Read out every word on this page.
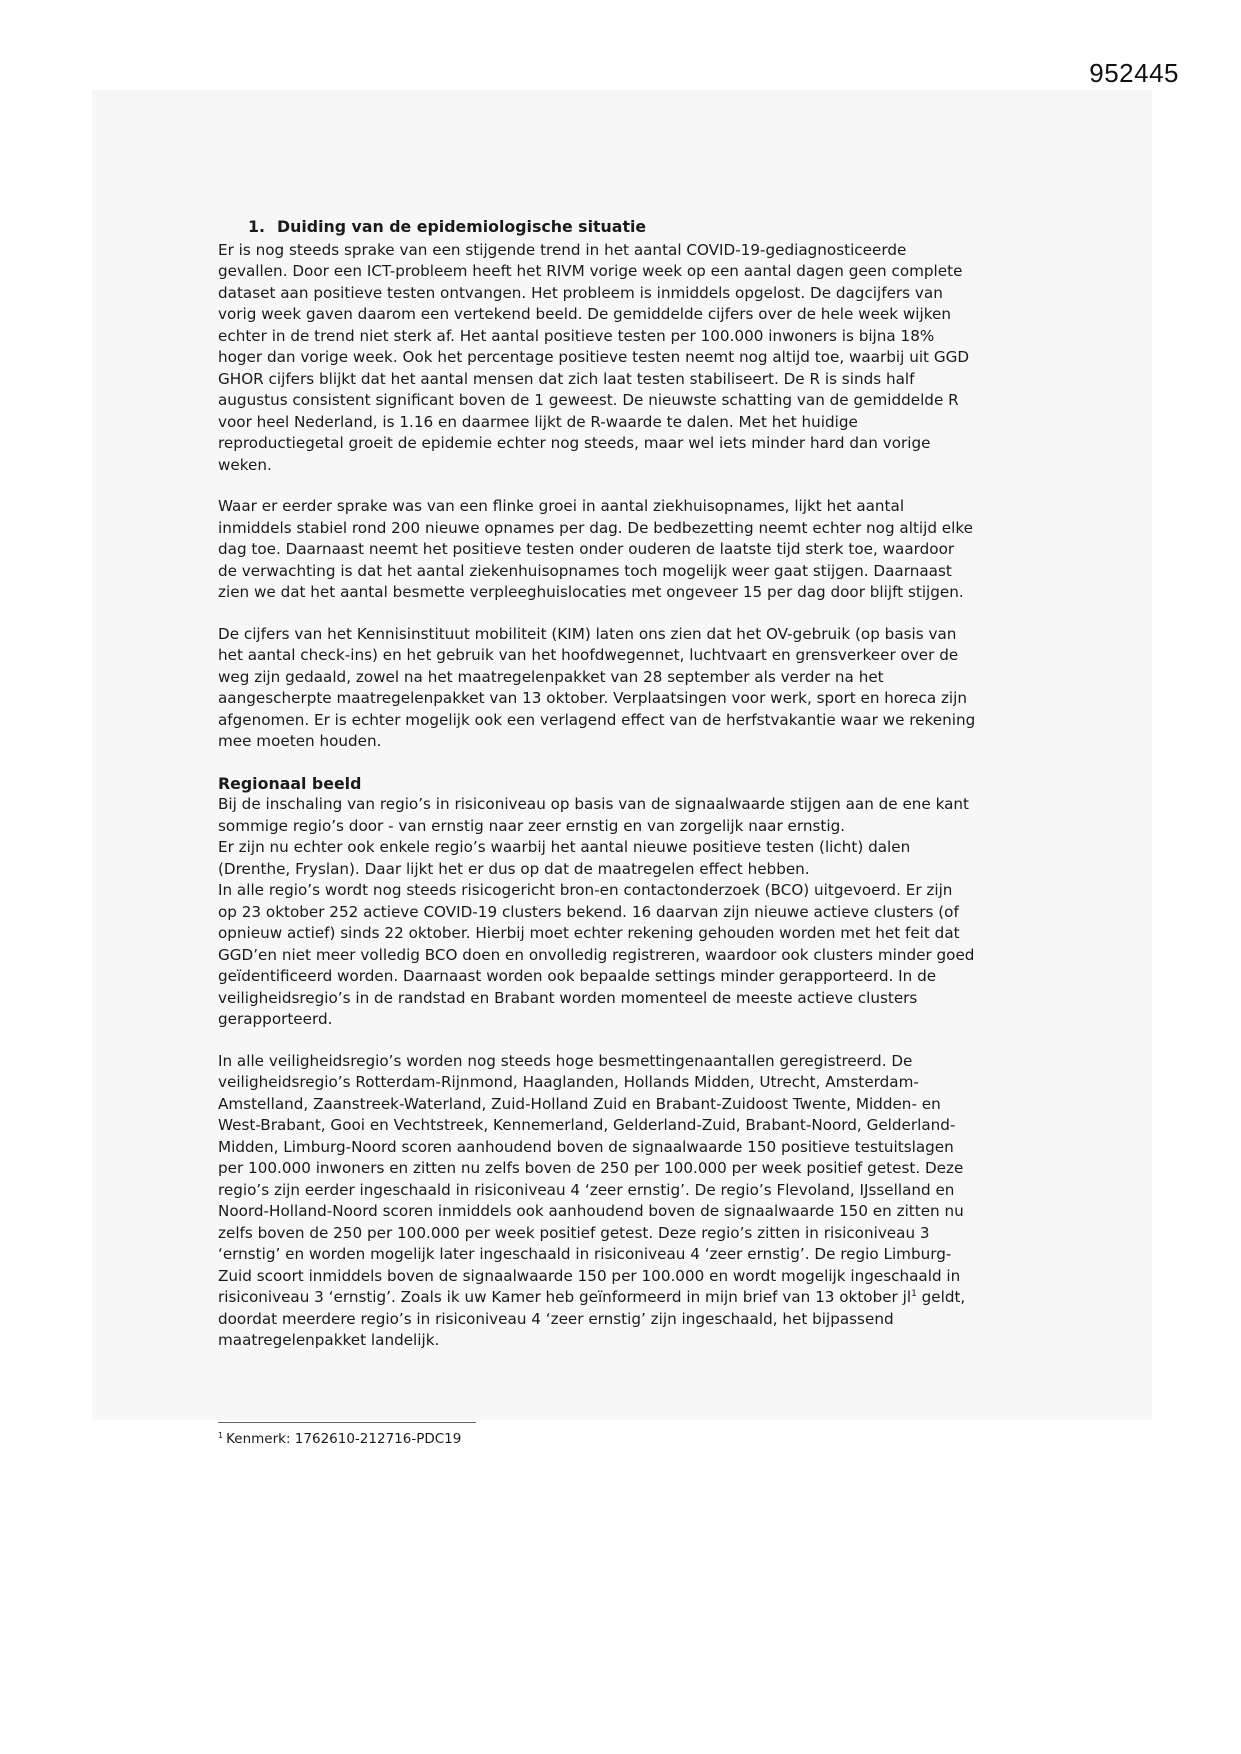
952445
1. Duiding van de epidemiologische situatie

Er is nog steeds sprake van een stijgende trend in het aantal COVID-19-gediagnosticeerde
gevallen. Door een ICT-probleem heeft het RIVM vorige week op een aantal dagen geen complete
dataset aan positieve testen ontvangen. Het probleem is inmiddels opgelost. De dagcijfers van
vorig week gaven daarom een vertekend beeld. De gemiddelde cijfers over de hele week wijken
echter in de trend niet sterk af. Het aantal positieve testen per 100.000 inwoners is bijna 18%
hoger dan vorige week. Ook het percentage positieve testen neemt nog altijd toe, waarbij uit GGD
GHOR cijfers blijkt dat het aantal mensen dat zich laat testen stabiliseert. De R is sinds half
augustus consistent significant boven de 1 geweest. De nieuwste schatting van de gemiddelde R
voor heel Nederland, is 1.16 en daarmee lijkt de R-waarde te dalen. Met het huidige
reproductiegetal groeit de epidemie echter nog steeds, maar wel iets minder hard dan vorige
weken.

Waar er eerder sprake was van een flinke groei in aantal ziekhuisopnames, lijkt het aantal
inmiddels stabiel rond 200 nieuwe opnames per dag. De bedbezetting neemt echter nog altijd elke
dag toe. Daarnaast neemt het positieve testen onder ouderen de laatste tijd sterk toe, waardoor
de verwachting is dat het aantal ziekenhuisopnames toch mogelijk weer gaat stijgen. Daarnaast
zien we dat het aantal besmette verpleeghuislocaties met ongeveer 15 per dag door blijft stijgen.

De cijfers van het Kennisinstituut mobiliteit (KIM) laten ons zien dat het OV-gebruik (op basis van
het aantal check-ins) en het gebruik van het hoofdwegennet, luchtvaart en grensverkeer over de
weg zijn gedaald, zowel na het maatregelenpakket van 28 september als verder na het
aangescherpte maatregelenpakket van 13 oktober. Verplaatsingen voor werk, sport en horeca zijn
afgenomen. Er is echter mogelijk ook een verlagend effect van de herfstvakantie waar we rekening
mee moeten houden.

Regionaal beeld

Bij de inschaling van regio’s in risiconiveau op basis van de signaalwaarde stijgen aan de ene kant
sommige regio’s door - van ernstig naar zeer ernstig en van zorgelijk naar ernstig.

Er zijn nu echter ook enkele regio’s waarbij het aantal nieuwe positieve testen (licht) dalen
(Drenthe, Fryslan). Daar lijkt het er dus op dat de maatregelen effect hebben.

In alle regio’s wordt nog steeds risicogericht bron-en contactonderzoek (BCO) uitgevoerd. Er zijn
op 23 oktober 252 actieve COVID-19 clusters bekend. 16 daarvan zijn nieuwe actieve clusters (of
opnieuw actief) sinds 22 oktober. Hierbij moet echter rekening gehouden worden met het feit dat
GGD’en niet meer volledig BCO doen en onvolledig registreren, waardoor ook clusters minder goed
geïdentificeerd worden. Daarnaast worden ook bepaalde settings minder gerapporteerd. In de
veiligheidsregio’s in de randstad en Brabant worden momenteel de meeste actieve clusters
gerapporteerd.

In alle veiligheidsregio’s worden nog steeds hoge besmettingenaantallen geregistreerd. De
veiligheidsregio’s Rotterdam-Rijnmond, Haaglanden, Hollands Midden, Utrecht, Amsterdam-
Amstelland, Zaanstreek-Waterland, Zuid-Holland Zuid en Brabant-Zuidoost Twente, Midden- en
West-Brabant, Gooi en Vechtstreek, Kennemerland, Gelderland-Zuid, Brabant-Noord, Gelderland-
Midden, Limburg-Noord scoren aanhoudend boven de signaalwaarde 150 positieve testuitslagen
per 100.000 inwoners en zitten nu zelfs boven de 250 per 100.000 per week positief getest. Deze
regio’s zijn eerder ingeschaald in risiconiveau 4 ‘zeer ernstig’. De regio’s Flevoland, IJsselland en
Noord-Holland-Noord scoren inmiddels ook aanhoudend boven de signaalwaarde 150 en zitten nu
zelfs boven de 250 per 100.000 per week positief getest. Deze regio’s zitten in risiconiveau 3
‘ernstig’ en worden mogelijk later ingeschaald in risiconiveau 4 ‘zeer ernstig’. De regio Limburg-
Zuid scoort inmiddels boven de signaalwaarde 150 per 100.000 en wordt mogelijk ingeschaald in
risiconiveau 3 ‘ernstig’. Zoals ik uw Kamer heb geïnformeerd in mijn brief van 13 oktober $jl^1$ geldt,
doordat meerdere regio’s in risiconiveau 4 ‘zeer ernstig’ zijn ingeschaald, het bijpassend
maatregelenpakket landelijk.

$^1$ Kenmerk: 1762610-212716-PDC19
